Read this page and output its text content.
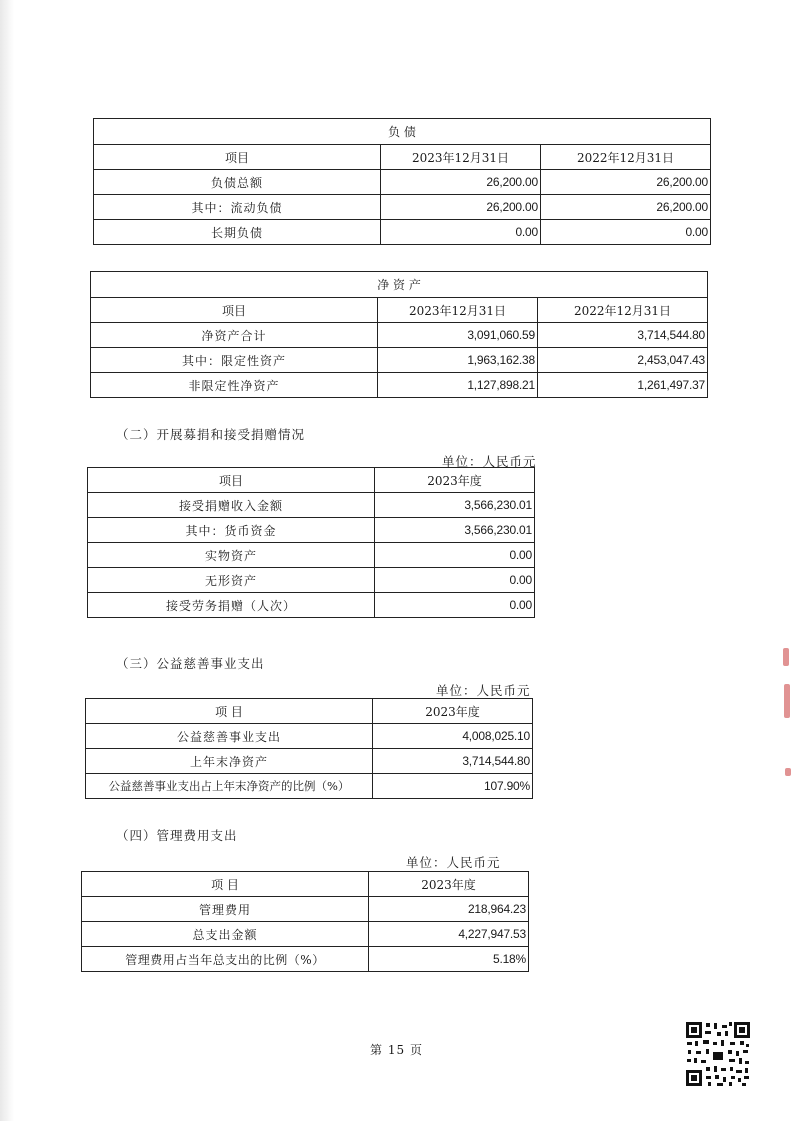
负 债		
项目	2023年12月31日	2022年12月31日
负债总额	26,200.00	26,200.00
其中：流动负债	26,200.00	26,200.00
长期负债	0.00	0.00
净 资 产		
项目	2023年12月31日	2022年12月31日
净资产合计	3,091,060.59	3,714,544.80
其中：限定性资产	1,963,162.38	2,453,047.43
非限定性净资产	1,127,898.21	1,261,497.37
（二）开展募捐和接受捐赠情况
单位：人民币元
项目	2023年度
接受捐赠收入金额	3,566,230.01
其中：货币资金	3,566,230.01
实物资产	0.00
无形资产	0.00
接受劳务捐赠（人次）	0.00
（三）公益慈善事业支出
单位：人民币元
项 目	2023年度
公益慈善事业支出	4,008,025.10
上年末净资产	3,714,544.80
公益慈善事业支出占上年末净资产的比例（%）	107.90%
（四）管理费用支出
单位：人民币元
项 目	2023年度
管理费用	218,964.23
总支出金额	4,227,947.53
管理费用占当年总支出的比例（%）	5.18%
第 15 页
